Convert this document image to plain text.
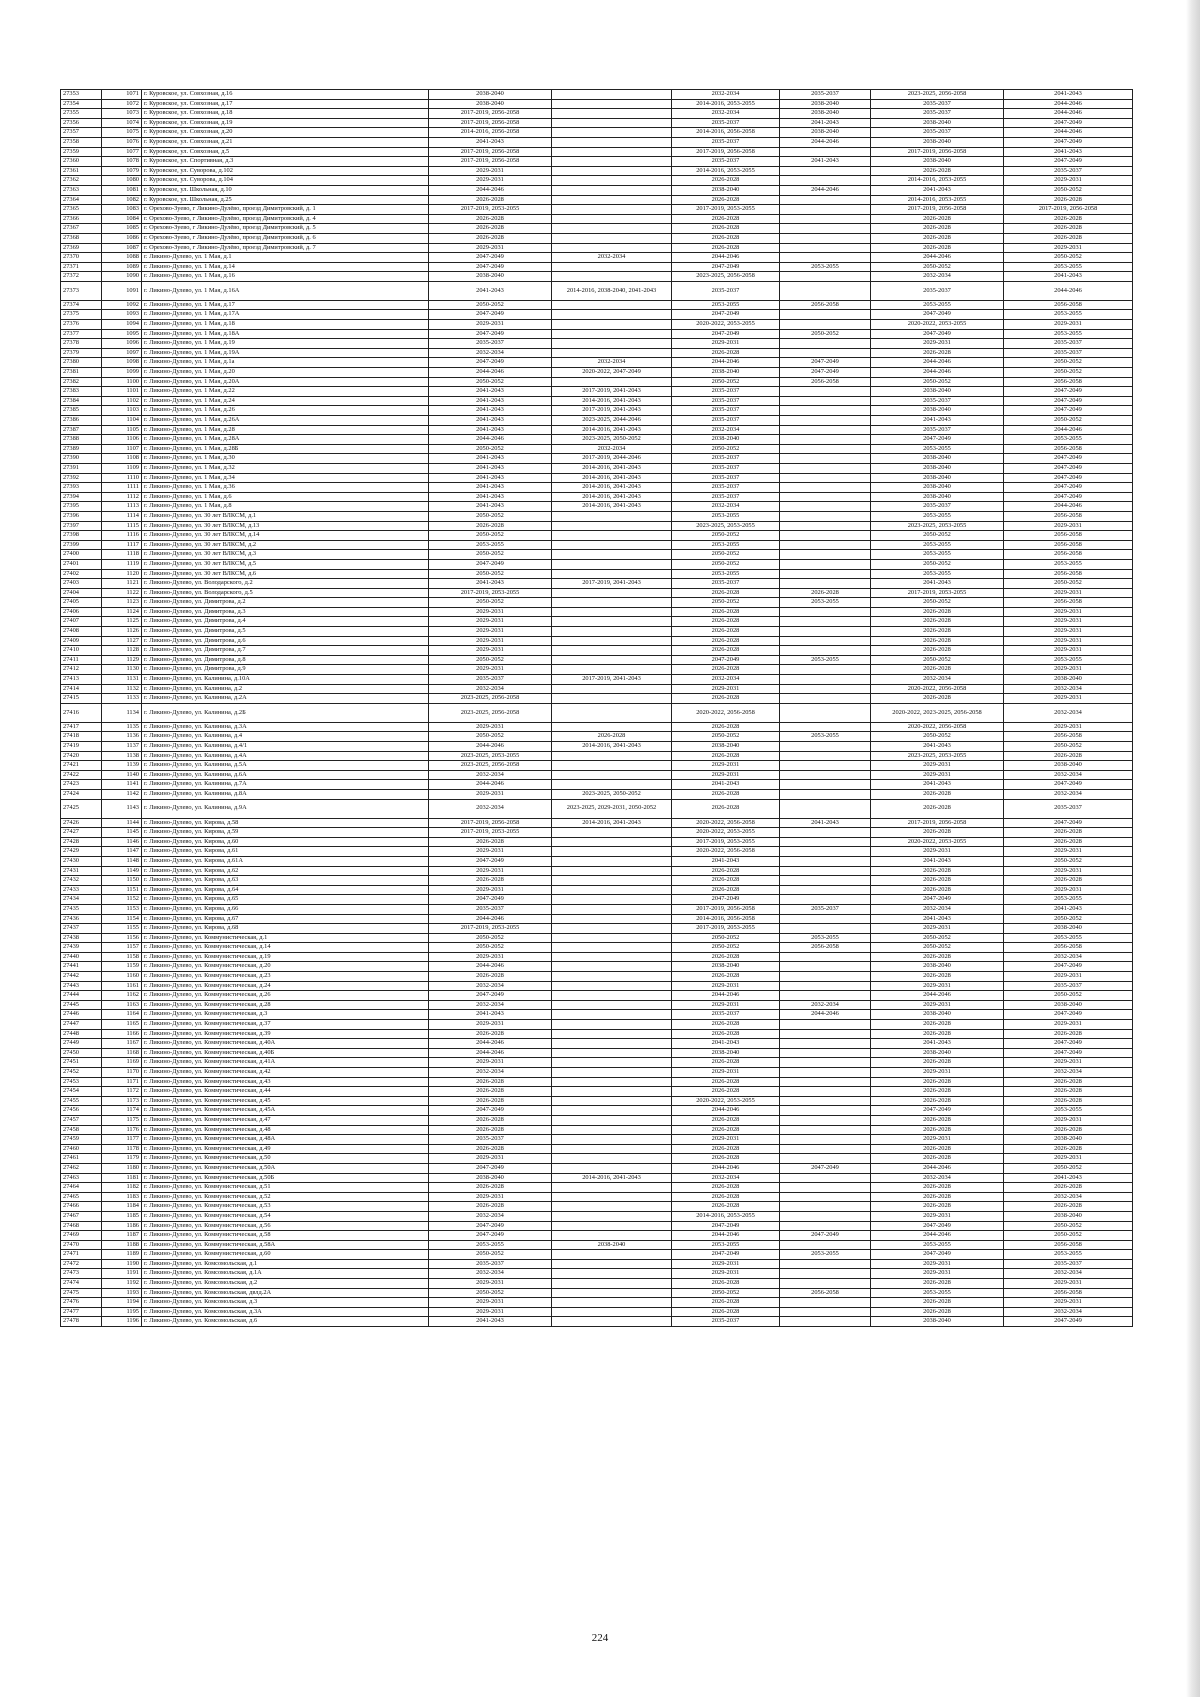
27353	1071	г. Куровское, ул. Совхозная, д.16	2038-2040		2032-2034	2035-2037	2023-2025, 2056-2058	2041-2043
27354	1072	г. Куровское, ул. Совхозная, д.17	2038-2040		2014-2016, 2053-2055	2038-2040	2035-2037	2044-2046
27355	1073	г. Куровское, ул. Совхозная, д.18	2017-2019, 2056-2058		2032-2034	2038-2040	2035-2037	2044-2046
27356	1074	г. Куровское, ул. Совхозная, д.19	2017-2019, 2056-2058		2035-2037	2041-2043	2038-2040	2047-2049
27357	1075	г. Куровское, ул. Совхозная, д.20	2014-2016, 2056-2058		2014-2016, 2056-2058	2038-2040	2035-2037	2044-2046
27358	1076	г. Куровское, ул. Совхозная, д.21	2041-2043		2035-2037	2044-2046	2038-2040	2047-2049
27359	1077	г. Куровское, ул. Совхозная, д.5	2017-2019, 2056-2058		2017-2019, 2056-2058		2017-2019, 2056-2058	2041-2043
27360	1078	г. Куровское, ул. Спортивная, д.3	2017-2019, 2056-2058		2035-2037	2041-2043	2038-2040	2047-2049
27361	1079	г. Куровское, ул. Суворова, д.102	2029-2031		2014-2016, 2053-2055		2026-2028	2035-2037
27362	1080	г. Куровское, ул. Суворова, д.104	2029-2031		2026-2028		2014-2016, 2053-2055	2029-2031
27363	1081	г. Куровское, ул. Школьная, д.10	2044-2046		2038-2040	2044-2046	2041-2043	2050-2052
27364	1082	г. Куровское, ул. Школьная, д.25	2026-2028		2026-2028		2014-2016, 2053-2055	2026-2028
27365	1083	г. Орехово-Зуево, г Ликино-Дулёво, проезд Димитровский, д. 1	2017-2019, 2053-2055		2017-2019, 2053-2055		2017-2019, 2056-2058	2017-2019, 2056-2058
27366	1084	г. Орехово-Зуево, г Ликино-Дулёво, проезд Димитровский, д. 4	2026-2028		2026-2028		2026-2028	2026-2028
27367	1085	г. Орехово-Зуево, г Ликино-Дулёво, проезд Димитровский, д. 5	2026-2028		2026-2028		2026-2028	2026-2028
27368	1086	г. Орехово-Зуево, г Ликино-Дулёво, проезд Димитровский, д. 6	2026-2028		2026-2028		2026-2028	2026-2028
27369	1087	г. Орехово-Зуево, г Ликино-Дулёво, проезд Димитровский, д. 7	2029-2031		2026-2028		2026-2028	2029-2031
27370	1088	г. Ликино-Дулево, ул. 1 Мая, д.1	2047-2049	2032-2034	2044-2046		2044-2046	2050-2052
27371	1089	г. Ликино-Дулево, ул. 1 Мая, д.14	2047-2049		2047-2049	2053-2055	2050-2052	2053-2055
27372	1090	г. Ликино-Дулево, ул. 1 Мая, д.16	2038-2040		2023-2025, 2056-2058		2032-2034	2041-2043
27373	1091	г. Ликино-Дулево, ул. 1 Мая, д.16А	2041-2043	2014-2016, 2038-2040, 2041-2043	2035-2037		2035-2037	2044-2046
27374	1092	г. Ликино-Дулево, ул. 1 Мая, д.17	2050-2052		2053-2055	2056-2058	2053-2055	2056-2058
27375	1093	г. Ликино-Дулево, ул. 1 Мая, д.17А	2047-2049		2047-2049		2047-2049	2053-2055
27376	1094	г. Ликино-Дулево, ул. 1 Мая, д.18	2029-2031		2020-2022, 2053-2055		2020-2022, 2053-2055	2029-2031
27377	1095	г. Ликино-Дулево, ул. 1 Мая, д.18А	2047-2049		2047-2049	2050-2052	2047-2049	2053-2055
27378	1096	г. Ликино-Дулево, ул. 1 Мая, д.19	2035-2037		2029-2031		2029-2031	2035-2037
27379	1097	г. Ликино-Дулево, ул. 1 Мая, д.19А	2032-2034		2026-2028		2026-2028	2035-2037
27380	1098	г. Ликино-Дулево, ул. 1 Мая, д.1а	2047-2049	2032-2034	2044-2046	2047-2049	2044-2046	2050-2052
27381	1099	г. Ликино-Дулево, ул. 1 Мая, д.20	2044-2046	2020-2022, 2047-2049	2038-2040	2047-2049	2044-2046	2050-2052
27382	1100	г. Ликино-Дулево, ул. 1 Мая, д.20А	2050-2052		2050-2052	2056-2058	2050-2052	2056-2058
27383	1101	г. Ликино-Дулево, ул. 1 Мая, д.22	2041-2043	2017-2019, 2041-2043	2035-2037		2038-2040	2047-2049
27384	1102	г. Ликино-Дулево, ул. 1 Мая, д.24	2041-2043	2014-2016, 2041-2043	2035-2037		2035-2037	2047-2049
27385	1103	г. Ликино-Дулево, ул. 1 Мая, д.26	2041-2043	2017-2019, 2041-2043	2035-2037		2038-2040	2047-2049
27386	1104	г. Ликино-Дулево, ул. 1 Мая, д.26А	2041-2043	2023-2025, 2044-2046	2035-2037		2041-2043	2050-2052
27387	1105	г. Ликино-Дулево, ул. 1 Мая, д.28	2041-2043	2014-2016, 2041-2043	2032-2034		2035-2037	2044-2046
27388	1106	г. Ликино-Дулево, ул. 1 Мая, д.28А	2044-2046	2023-2025, 2050-2052	2038-2040		2047-2049	2053-2055
27389	1107	г. Ликино-Дулево, ул. 1 Мая, д.28Б	2050-2052	2032-2034	2050-2052		2053-2055	2056-2058
27390	1108	г. Ликино-Дулево, ул. 1 Мая, д.30	2041-2043	2017-2019, 2044-2046	2035-2037		2038-2040	2047-2049
27391	1109	г. Ликино-Дулево, ул. 1 Мая, д.32	2041-2043	2014-2016, 2041-2043	2035-2037		2038-2040	2047-2049
27392	1110	г. Ликино-Дулево, ул. 1 Мая, д.34	2041-2043	2014-2016, 2041-2043	2035-2037		2038-2040	2047-2049
27393	1111	г. Ликино-Дулево, ул. 1 Мая, д.36	2041-2043	2014-2016, 2041-2043	2035-2037		2038-2040	2047-2049
27394	1112	г. Ликино-Дулево, ул. 1 Мая, д.6	2041-2043	2014-2016, 2041-2043	2035-2037		2038-2040	2047-2049
27395	1113	г. Ликино-Дулево, ул. 1 Мая, д.8	2041-2043	2014-2016, 2041-2043	2032-2034		2035-2037	2044-2046
27396	1114	г. Ликино-Дулево, ул. 30 лет ВЛКСМ, д.1	2050-2052		2053-2055		2053-2055	2056-2058
27397	1115	г. Ликино-Дулево, ул. 30 лет ВЛКСМ, д.13	2026-2028		2023-2025, 2053-2055		2023-2025, 2053-2055	2029-2031
27398	1116	г. Ликино-Дулево, ул. 30 лет ВЛКСМ, д.14	2050-2052		2050-2052		2050-2052	2056-2058
27399	1117	г. Ликино-Дулево, ул. 30 лет ВЛКСМ, д.2	2053-2055		2053-2055		2053-2055	2056-2058
27400	1118	г. Ликино-Дулево, ул. 30 лет ВЛКСМ, д.3	2050-2052		2050-2052		2053-2055	2056-2058
27401	1119	г. Ликино-Дулево, ул. 30 лет ВЛКСМ, д.5	2047-2049		2050-2052		2050-2052	2053-2055
27402	1120	г. Ликино-Дулево, ул. 30 лет ВЛКСМ, д.6	2050-2052		2053-2055		2053-2055	2056-2058
27403	1121	г. Ликино-Дулево, ул. Володарского, д.2	2041-2043	2017-2019, 2041-2043	2035-2037		2041-2043	2050-2052
27404	1122	г. Ликино-Дулево, ул. Володарского, д.5	2017-2019, 2053-2055		2026-2028	2026-2028	2017-2019, 2053-2055	2029-2031
27405	1123	г. Ликино-Дулево, ул. Димитрова, д.2	2050-2052		2050-2052	2053-2055	2050-2052	2056-2058
27406	1124	г. Ликино-Дулево, ул. Димитрова, д.3	2029-2031		2026-2028		2026-2028	2029-2031
27407	1125	г. Ликино-Дулево, ул. Димитрова, д.4	2029-2031		2026-2028		2026-2028	2029-2031
27408	1126	г. Ликино-Дулево, ул. Димитрова, д.5	2029-2031		2026-2028		2026-2028	2029-2031
27409	1127	г. Ликино-Дулево, ул. Димитрова, д.6	2029-2031		2026-2028		2026-2028	2029-2031
27410	1128	г. Ликино-Дулево, ул. Димитрова, д.7	2029-2031		2026-2028		2026-2028	2029-2031
27411	1129	г. Ликино-Дулево, ул. Димитрова, д.8	2050-2052		2047-2049	2053-2055	2050-2052	2053-2055
27412	1130	г. Ликино-Дулево, ул. Димитрова, д.9	2029-2031		2026-2028		2026-2028	2029-2031
27413	1131	г. Ликино-Дулево, ул. Калинина, д.10А	2035-2037	2017-2019, 2041-2043	2032-2034		2032-2034	2038-2040
27414	1132	г. Ликино-Дулево, ул. Калинина, д.2	2032-2034		2029-2031		2020-2022, 2056-2058	2032-2034
27415	1133	г. Ликино-Дулево, ул. Калинина, д.2А	2023-2025, 2056-2058		2026-2028		2026-2028	2029-2031
27416	1134	г. Ликино-Дулево, ул. Калинина, д.2Б	2023-2025, 2056-2058		2020-2022, 2056-2058		2020-2022, 2023-2025, 2056-2058	2032-2034
27417	1135	г. Ликино-Дулево, ул. Калинина, д.3А	2029-2031		2026-2028		2020-2022, 2056-2058	2029-2031
27418	1136	г. Ликино-Дулево, ул. Калинина, д.4	2050-2052	2026-2028	2050-2052	2053-2055	2050-2052	2056-2058
27419	1137	г. Ликино-Дулево, ул. Калинина, д.4/1	2044-2046	2014-2016, 2041-2043	2038-2040		2041-2043	2050-2052
27420	1138	г. Ликино-Дулево, ул. Калинина, д.4А	2023-2025, 2053-2055		2026-2028		2023-2025, 2053-2055	2026-2028
27421	1139	г. Ликино-Дулево, ул. Калинина, д.5А	2023-2025, 2056-2058		2029-2031		2029-2031	2038-2040
27422	1140	г. Ликино-Дулево, ул. Калинина, д.6А	2032-2034		2029-2031		2029-2031	2032-2034
27423	1141	г. Ликино-Дулево, ул. Калинина, д.7А	2044-2046		2041-2043		2041-2043	2047-2049
27424	1142	г. Ликино-Дулево, ул. Калинина, д.8А	2029-2031	2023-2025, 2050-2052	2026-2028		2026-2028	2032-2034
27425	1143	г. Ликино-Дулево, ул. Калинина, д.9А	2032-2034	2023-2025, 2029-2031, 2050-2052	2026-2028		2026-2028	2035-2037
27426	1144	г. Ликино-Дулево, ул. Кирова, д.58	2017-2019, 2056-2058	2014-2016, 2041-2043	2020-2022, 2056-2058	2041-2043	2017-2019, 2056-2058	2047-2049
27427	1145	г. Ликино-Дулево, ул. Кирова, д.59	2017-2019, 2053-2055		2020-2022, 2053-2055		2026-2028	2026-2028
27428	1146	г. Ликино-Дулево, ул. Кирова, д.60	2026-2028		2017-2019, 2053-2055		2020-2022, 2053-2055	2026-2028
27429	1147	г. Ликино-Дулево, ул. Кирова, д.61	2029-2031		2020-2022, 2056-2058		2029-2031	2029-2031
27430	1148	г. Ликино-Дулево, ул. Кирова, д.61А	2047-2049		2041-2043		2041-2043	2050-2052
27431	1149	г. Ликино-Дулево, ул. Кирова, д.62	2029-2031		2026-2028		2026-2028	2029-2031
27432	1150	г. Ликино-Дулево, ул. Кирова, д.63	2026-2028		2026-2028		2026-2028	2026-2028
27433	1151	г. Ликино-Дулево, ул. Кирова, д.64	2029-2031		2026-2028		2026-2028	2029-2031
27434	1152	г. Ликино-Дулево, ул. Кирова, д.65	2047-2049		2047-2049		2047-2049	2053-2055
27435	1153	г. Ликино-Дулево, ул. Кирова, д.66	2035-2037		2017-2019, 2056-2058	2035-2037	2032-2034	2041-2043
27436	1154	г. Ликино-Дулево, ул. Кирова, д.67	2044-2046		2014-2016, 2056-2058		2041-2043	2050-2052
27437	1155	г. Ликино-Дулево, ул. Кирова, д.68	2017-2019, 2053-2055		2017-2019, 2053-2055		2029-2031	2038-2040
27438	1156	г. Ликино-Дулево, ул. Коммунистическая, д.1	2050-2052		2050-2052	2053-2055	2050-2052	2053-2055
27439	1157	г. Ликино-Дулево, ул. Коммунистическая, д.14	2050-2052		2050-2052	2056-2058	2050-2052	2056-2058
27440	1158	г. Ликино-Дулево, ул. Коммунистическая, д.19	2029-2031		2026-2028		2026-2028	2032-2034
27441	1159	г. Ликино-Дулево, ул. Коммунистическая, д.20	2044-2046		2038-2040		2038-2040	2047-2049
27442	1160	г. Ликино-Дулево, ул. Коммунистическая, д.23	2026-2028		2026-2028		2026-2028	2029-2031
27443	1161	г. Ликино-Дулево, ул. Коммунистическая, д.24	2032-2034		2029-2031		2029-2031	2035-2037
27444	1162	г. Ликино-Дулево, ул. Коммунистическая, д.26	2047-2049		2044-2046		2044-2046	2050-2052
27445	1163	г. Ликино-Дулево, ул. Коммунистическая, д.28	2032-2034		2029-2031	2032-2034	2029-2031	2038-2040
27446	1164	г. Ликино-Дулево, ул. Коммунистическая, д.3	2041-2043		2035-2037	2044-2046	2038-2040	2047-2049
27447	1165	г. Ликино-Дулево, ул. Коммунистическая, д.37	2029-2031		2026-2028		2026-2028	2029-2031
27448	1166	г. Ликино-Дулево, ул. Коммунистическая, д.39	2026-2028		2026-2028		2026-2028	2026-2028
27449	1167	г. Ликино-Дулево, ул. Коммунистическая, д.40А	2044-2046		2041-2043		2041-2043	2047-2049
27450	1168	г. Ликино-Дулево, ул. Коммунистическая, д.40Б	2044-2046		2038-2040		2038-2040	2047-2049
27451	1169	г. Ликино-Дулево, ул. Коммунистическая, д.41А	2029-2031		2026-2028		2026-2028	2029-2031
27452	1170	г. Ликино-Дулево, ул. Коммунистическая, д.42	2032-2034		2029-2031		2029-2031	2032-2034
27453	1171	г. Ликино-Дулево, ул. Коммунистическая, д.43	2026-2028		2026-2028		2026-2028	2026-2028
27454	1172	г. Ликино-Дулево, ул. Коммунистическая, д.44	2026-2028		2026-2028		2026-2028	2026-2028
27455	1173	г. Ликино-Дулево, ул. Коммунистическая, д.45	2026-2028		2020-2022, 2053-2055		2026-2028	2026-2028
27456	1174	г. Ликино-Дулево, ул. Коммунистическая, д.45А	2047-2049		2044-2046		2047-2049	2053-2055
27457	1175	г. Ликино-Дулево, ул. Коммунистическая, д.47	2026-2028		2026-2028		2026-2028	2029-2031
27458	1176	г. Ликино-Дулево, ул. Коммунистическая, д.48	2026-2028		2026-2028		2026-2028	2026-2028
27459	1177	г. Ликино-Дулево, ул. Коммунистическая, д.48А	2035-2037		2029-2031		2029-2031	2038-2040
27460	1178	г. Ликино-Дулево, ул. Коммунистическая, д.49	2026-2028		2026-2028		2026-2028	2026-2028
27461	1179	г. Ликино-Дулево, ул. Коммунистическая, д.50	2029-2031		2026-2028		2026-2028	2029-2031
27462	1180	г. Ликино-Дулево, ул. Коммунистическая, д.50А	2047-2049		2044-2046	2047-2049	2044-2046	2050-2052
27463	1181	г. Ликино-Дулево, ул. Коммунистическая, д.50Б	2038-2040	2014-2016, 2041-2043	2032-2034		2032-2034	2041-2043
27464	1182	г. Ликино-Дулево, ул. Коммунистическая, д.51	2026-2028		2026-2028		2026-2028	2026-2028
27465	1183	г. Ликино-Дулево, ул. Коммунистическая, д.52	2029-2031		2026-2028		2026-2028	2032-2034
27466	1184	г. Ликино-Дулево, ул. Коммунистическая, д.53	2026-2028		2026-2028		2026-2028	2026-2028
27467	1185	г. Ликино-Дулево, ул. Коммунистическая, д.54	2032-2034		2014-2016, 2053-2055		2029-2031	2038-2040
27468	1186	г. Ликино-Дулево, ул. Коммунистическая, д.56	2047-2049		2047-2049		2047-2049	2050-2052
27469	1187	г. Ликино-Дулево, ул. Коммунистическая, д.58	2047-2049		2044-2046	2047-2049	2044-2046	2050-2052
27470	1188	г. Ликино-Дулево, ул. Коммунистическая, д.58А	2053-2055	2038-2040	2053-2055		2053-2055	2056-2058
27471	1189	г. Ликино-Дулево, ул. Коммунистическая, д.60	2050-2052		2047-2049	2053-2055	2047-2049	2053-2055
27472	1190	г. Ликино-Дулево, ул. Комсомольская, д.1	2035-2037		2029-2031		2029-2031	2035-2037
27473	1191	г. Ликино-Дулево, ул. Комсомольская, д.1А	2032-2034		2029-2031		2029-2031	2032-2034
27474	1192	г. Ликино-Дулево, ул. Комсомольская, д.2	2029-2031		2026-2028		2026-2028	2029-2031
27475	1193	г. Ликино-Дулево, ул. Комсомольская, двлд.2А	2050-2052		2050-2052	2056-2058	2053-2055	2056-2058
27476	1194	г. Ликино-Дулево, ул. Комсомольская, д.3	2029-2031		2026-2028		2026-2028	2029-2031
27477	1195	г. Ликино-Дулево, ул. Комсомольская, д.3А	2029-2031		2026-2028		2026-2028	2032-2034
27478	1196	г. Ликино-Дулево, ул. Комсомольская, д.6	2041-2043		2035-2037		2038-2040	2047-2049
224
